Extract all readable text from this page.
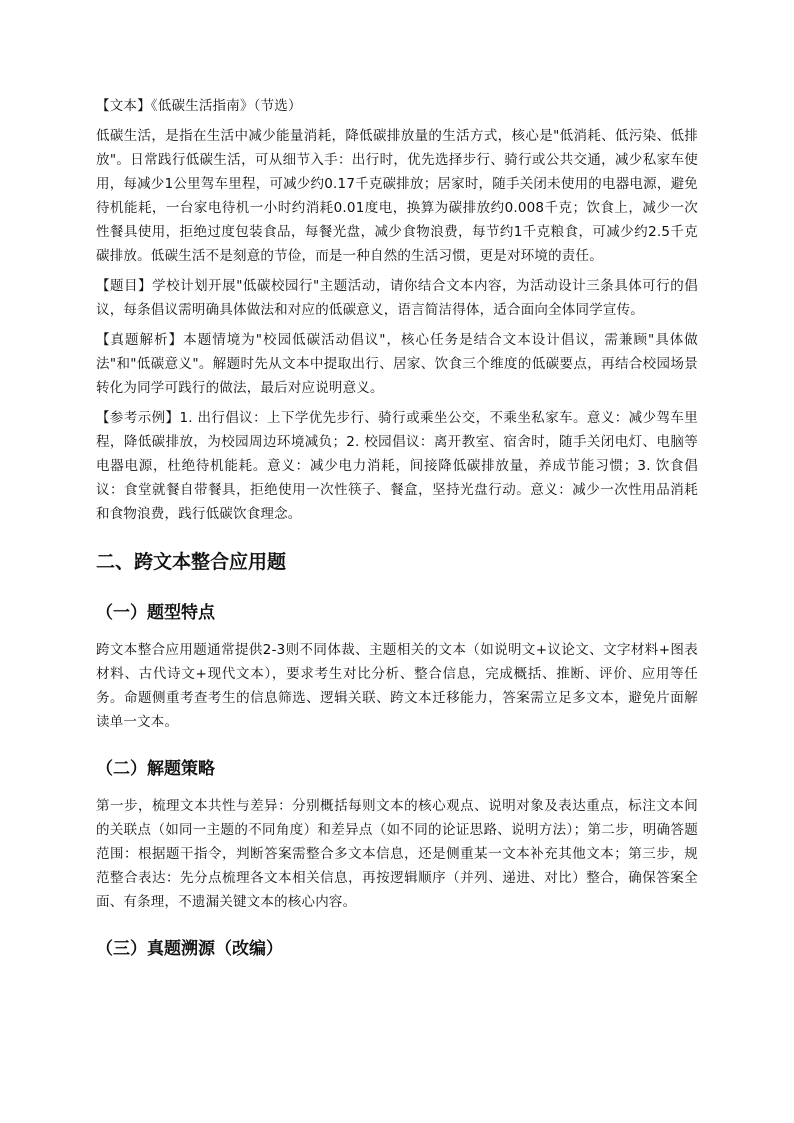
【文本】《低碳生活指南》（节选）

低碳生活，是指在生活中减少能量消耗，降低碳排放量的生活方式，核心是"低消耗、低污染、低排放"。日常践行低碳生活，可从细节入手：出行时，优先选择步行、骑行或公共交通，减少私家车使用，每减少1公里驾车里程，可减少约0.17千克碳排放；居家时，随手关闭未使用的电器电源，避免待机能耗，一台家电待机一小时约消耗0.01度电，换算为碳排放约0.008千克；饮食上，减少一次性餐具使用，拒绝过度包装食品，每餐光盘，减少食物浪费，每节约1千克粮食，可减少约2.5千克碳排放。低碳生活不是刻意的节俭，而是一种自然的生活习惯，更是对环境的责任。

【题目】学校计划开展"低碳校园行"主题活动，请你结合文本内容，为活动设计三条具体可行的倡议，每条倡议需明确具体做法和对应的低碳意义，语言简洁得体，适合面向全体同学宣传。

【真题解析】本题情境为"校园低碳活动倡议"，核心任务是结合文本设计倡议，需兼顾"具体做法"和"低碳意义"。解题时先从文本中提取出行、居家、饮食三个维度的低碳要点，再结合校园场景转化为同学可践行的做法，最后对应说明意义。

【参考示例】1. 出行倡议：上下学优先步行、骑行或乘坐公交，不乘坐私家车。意义：减少驾车里程，降低碳排放，为校园周边环境减负；2. 校园倡议：离开教室、宿舍时，随手关闭电灯、电脑等电器电源，杜绝待机能耗。意义：减少电力消耗，间接降低碳排放量，养成节能习惯；3. 饮食倡议：食堂就餐自带餐具，拒绝使用一次性筷子、餐盒，坚持光盘行动。意义：减少一次性用品消耗和食物浪费，践行低碳饮食理念。

二、跨文本整合应用题
（一）题型特点

跨文本整合应用题通常提供2-3则不同体裁、主题相关的文本（如说明文+议论文、文字材料+图表材料、古代诗文+现代文本），要求考生对比分析、整合信息，完成概括、推断、评价、应用等任务。命题侧重考查考生的信息筛选、逻辑关联、跨文本迁移能力，答案需立足多文本，避免片面解读单一文本。

（二）解题策略

第一步，梳理文本共性与差异：分别概括每则文本的核心观点、说明对象及表达重点，标注文本间的关联点（如同一主题的不同角度）和差异点（如不同的论证思路、说明方法）；第二步，明确答题范围：根据题干指令，判断答案需整合多文本信息，还是侧重某一文本补充其他文本；第三步，规范整合表达：先分点梳理各文本相关信息，再按逻辑顺序（并列、递进、对比）整合，确保答案全面、有条理，不遗漏关键文本的核心内容。

（三）真题溯源（改编）
